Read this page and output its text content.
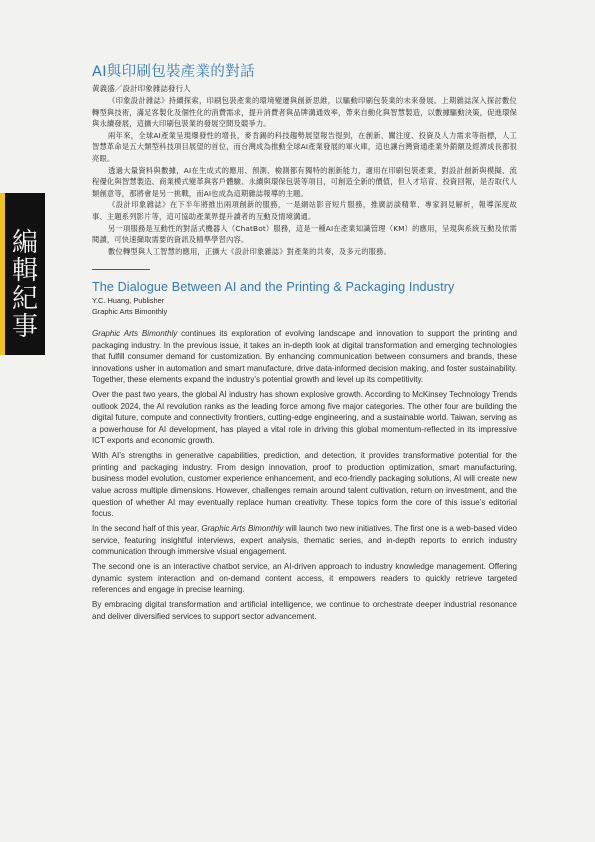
編
輯
紀
事
AI與印刷包裝產業的對話

黃義盛／設計印象雜誌發行人

《印象設計雜誌》持續探索，印刷包裝產業的環境變遷與創新思維，以驅動印刷包裝業的未來發展。上期雜誌深入探討數位轉型與技術，滿足客製化及個性化的消費需求，提升消費者與品牌溝通效率，帶來自動化與智慧製造，以數據驅動決策，促進環保與永續發展，這擴大印刷包裝業的發展空間及競爭力。

兩年來，全球AI產業呈現爆發性的增長，麥肯錫的科技趨勢展望報告提到，在創新、關注度、投資及人力需求等指標，人工智慧革命是五大類型科技項目展望的首位，而台灣成為推動全球AI產業發展的軍火庫，這也讓台灣資通產業外銷額及經濟成長都很亮眼。

透過大量資料與數據，AI在生成式的應用、預測、檢測都有獨特的創新能力，適用在印刷包裝產業，對設計創新與模擬、流程優化與智慧製造、商業模式變革與客戶體驗、永續與環保包裝等項目，可創造全新的價值，但人才培育、投資回報，是否取代人類創意等，那將會是另一挑戰，而AI也成為這期雜誌報導的主題。

《設計印象雜誌》在下半年將推出兩項創新的服務，一是網站影音短片服務，推廣訪談精華、專家洞見解析，報導深度故事、主題系列影片等，這可協助產業界提升讀者的互動及情境溝通。

另一項服務是互動性的對話式機器人（ChatBot）服務，這是一種AI在產業知識管理（KM）的應用，呈現與系統互動及依需閱讀，可快速擷取需要的資訊及精準學習內容。

數位轉型與人工智慧的應用，正擴大《設計印象雜誌》對產業的共奏，及多元的服務。

The Dialogue Between AI and the Printing & Packaging Industry

Y.C. Huang, Publisher
Graphic Arts Bimonthly

Graphic Arts Bimonthly continues its exploration of evolving landscape and innovation to support the printing and packaging industry. In the previous issue, it takes an in-depth look at digital transformation and emerging technologies that fulfill consumer demand for customization. By enhancing communication between consumers and brands, these innovations usher in automation and smart manufacture, drive data-informed decision making, and foster sustainability. Together, these elements expand the industry’s potential growth and level up its competitivity.

Over the past two years, the global AI industry has shown explosive growth. According to McKinsey Technology Trends outlook 2024, the AI revolution ranks as the leading force among five major categories. The other four are building the digital future, compute and connectivity frontiers, cutting-edge engineering, and a sustainable world. Taiwan, serving as a powerhouse for AI development, has played a vital role in driving this global momentum-reflected in its impressive ICT exports and economic growth.

With AI’s strengths in generative capabilities, prediction, and detection, it provides transformative potential for the printing and packaging industry. From design innovation, proof to production optimization, smart manufacturing, business model evolution, customer experience enhancement, and eco-friendly packaging solutions, AI will create new value across multiple dimensions. However, challenges remain around talent cultivation, return on investment, and the question of whether AI may eventually replace human creativity. These topics form the core of this issue’s editorial focus.

In the second half of this year, Graphic Arts Bimonthly will launch two new initiatives. The first one is a web-based video service, featuring insightful interviews, expert analysis, thematic series, and in-depth reports to enrich industry communication through immersive visual engagement.

The second one is an interactive chatbot service, an AI-driven approach to industry knowledge management. Offering dynamic system interaction and on-demand content access, it empowers readers to quickly retrieve targeted references and engage in precise learning.

By embracing digital transformation and artificial intelligence, we continue to orchestrate deeper industrial resonance and deliver diversified services to support sector advancement.
